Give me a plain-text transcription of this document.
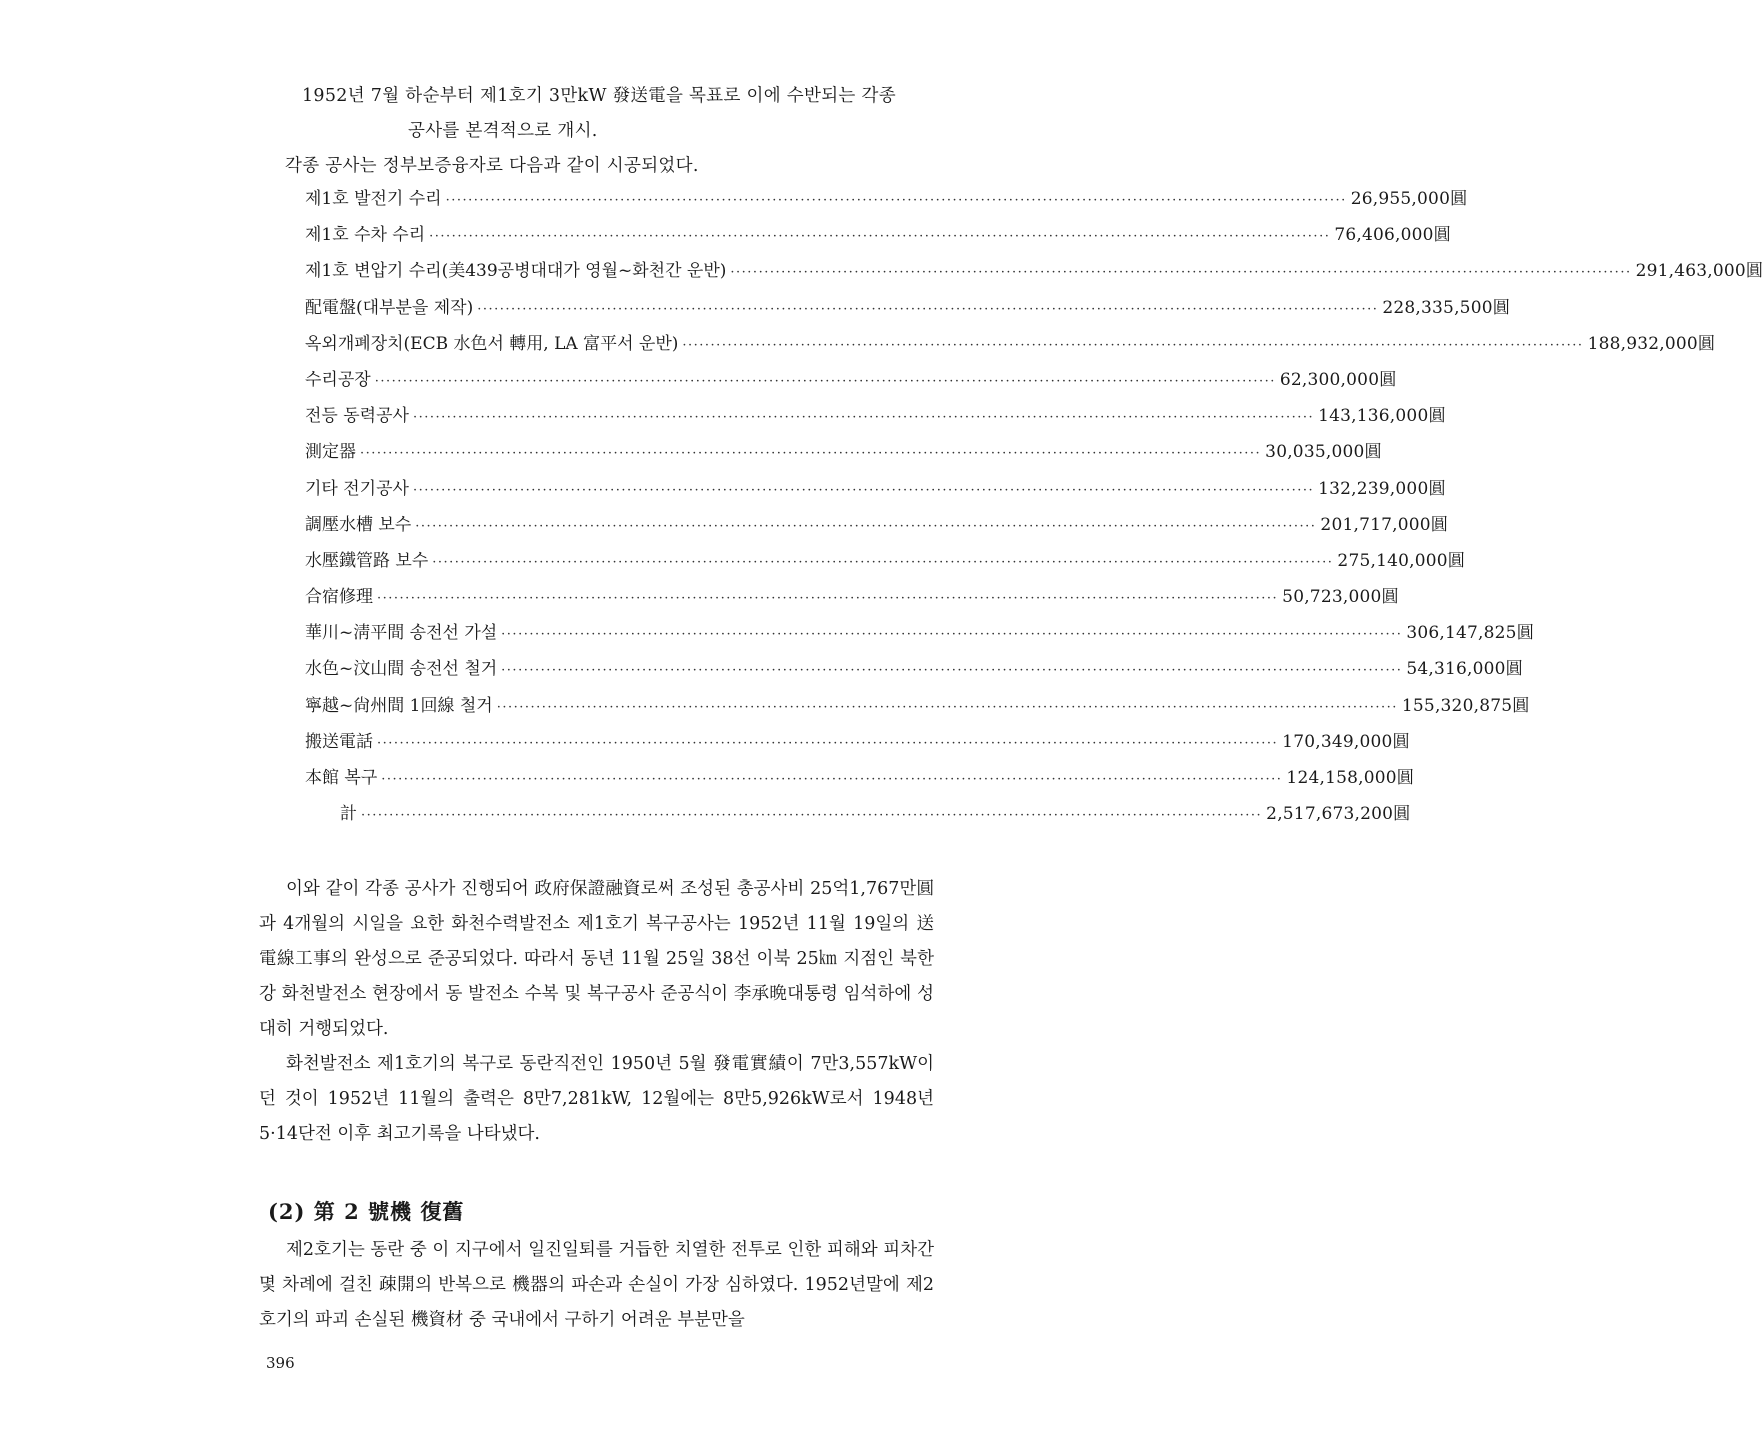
1952년 7월 하순부터 제1호기 3만kW 發送電을 목표로 이에 수반되는 각종
공사를 본격적으로 개시.
각종 공사는 정부보증융자로 다음과 같이 시공되었다.
제1호 발전기 수리 ································································································································································ 26,955,000圓
제1호 수차 수리 ································································································································································ 76,406,000圓
제1호 변압기 수리(美439공병대대가 영월~화천간 운반) ································································································································································ 291,463,000圓
配電盤(대부분을 제작) ································································································································································ 228,335,500圓
옥외개폐장치(ECB 水色서 轉用, LA 富平서 운반) ································································································································································ 188,932,000圓
수리공장 ································································································································································ 62,300,000圓
전등 동력공사 ································································································································································ 143,136,000圓
測定器 ································································································································································ 30,035,000圓
기타 전기공사 ································································································································································ 132,239,000圓
調壓水槽 보수 ································································································································································ 201,717,000圓
水壓鐵管路 보수 ································································································································································ 275,140,000圓
合宿修理 ································································································································································ 50,723,000圓
華川~淸平間 송전선 가설 ································································································································································ 306,147,825圓
水色~汶山間 송전선 철거 ································································································································································ 54,316,000圓
寧越~尙州間 1回線 철거 ································································································································································ 155,320,875圓
搬送電話 ································································································································································ 170,349,000圓
本館 복구 ································································································································································ 124,158,000圓
計 ································································································································································ 2,517,673,200圓

이와 같이 각종 공사가 진행되어 政府保證融資로써 조성된 총공사비 25억1,767만圓과 4개월의 시일을 요한 화천수력발전소 제1호기 복구공사는 1952년 11월 19일의 送電線工事의 완성으로 준공되었다. 따라서 동년 11월 25일 38선 이북 25㎞ 지점인 북한강 화천발전소 현장에서 동 발전소 수복 및 복구공사 준공식이 李承晩대통령 임석하에 성대히 거행되었다.

화천발전소 제1호기의 복구로 동란직전인 1950년 5월 發電實績이 7만3,557kW이던 것이 1952년 11월의 출력은 8만7,281kW, 12월에는 8만5,926kW로서 1948년 5·14단전 이후 최고기록을 나타냈다.

(2) 第 2 號機 復舊

제2호기는 동란 중 이 지구에서 일진일퇴를 거듭한 치열한 전투로 인한 피해와 피차간 몇 차례에 걸친 疎開의 반복으로 機器의 파손과 손실이 가장 심하였다. 1952년말에 제2호기의 파괴 손실된 機資材 중 국내에서 구하기 어려운 부분만을

396
